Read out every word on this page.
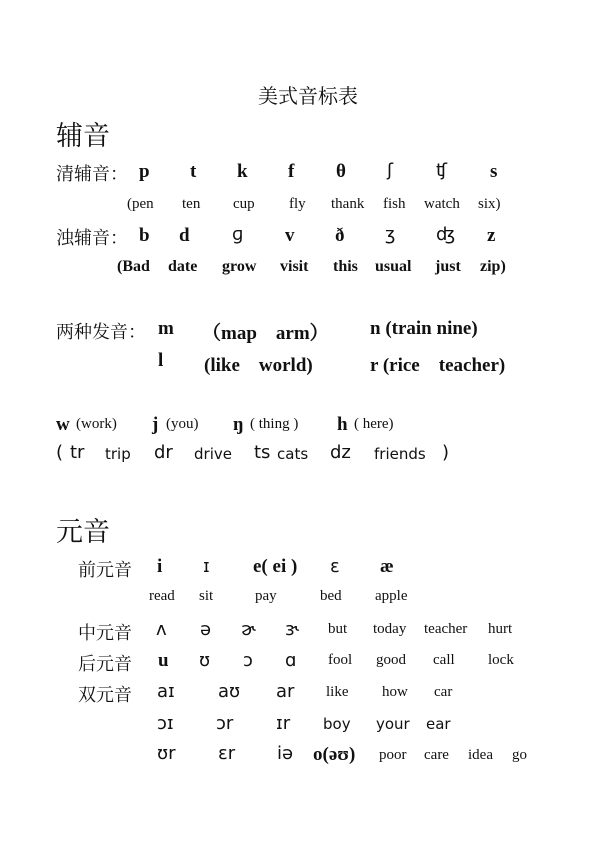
美式音标表
辅音
清辅音： p t k f θ ʃ ʧ s
(pen ten cup fly thank fish watch six)
浊辅音： b d ɡ v ð ʒ ʤ z
(Bad date grow visit this usual just zip)
两种发音： m （map　arm） n (train nine)
l (like　world)	r (rice　teacher)
w (work) j (you) ŋ ( thing ) h ( here)
( tr trip dr drive ts cats dz friends )
元音
前元音 i ɪ e( ei ) ɛ æ
read sit	pay	bed apple
中元音 ʌ ə ɚ ɝ but today teacher hurt
后元音 u ʊ ɔ ɑ fool good call lock
双元音 aɪ aʊ ar like how car
ɔɪ ɔr ɪr boy your ear
ʊr ɛr iə o(əʊ) poor care idea go
